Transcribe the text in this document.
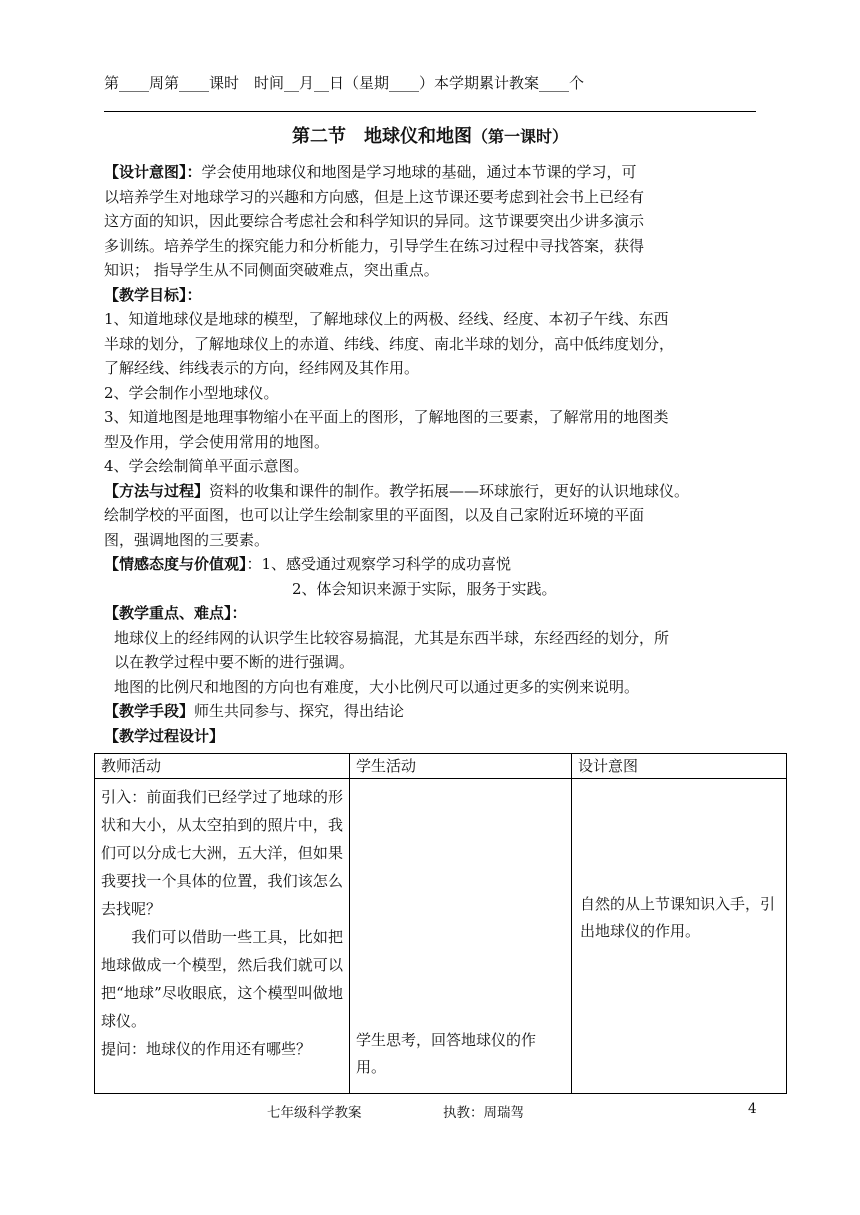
第____周第____课时　时间__月__日（星期____）本学期累计教案____个
第二节　地球仪和地图（第一课时）

【设计意图】：学会使用地球仪和地图是学习地球的基础，通过本节课的学习，可

以培养学生对地球学习的兴趣和方向感，但是上这节课还要考虑到社会书上已经有

这方面的知识，因此要综合考虑社会和科学知识的异同。这节课要突出少讲多演示

多训练。培养学生的探究能力和分析能力，引导学生在练习过程中寻找答案，获得

知识； 指导学生从不同侧面突破难点，突出重点。

【教学目标】：

1、知道地球仪是地球的模型，了解地球仪上的两极、经线、经度、本初子午线、东西

半球的划分，了解地球仪上的赤道、纬线、纬度、南北半球的划分，高中低纬度划分，

了解经线、纬线表示的方向，经纬网及其作用。

2、学会制作小型地球仪。

3、知道地图是地理事物缩小在平面上的图形，了解地图的三要素，了解常用的地图类

型及作用，学会使用常用的地图。

4、学会绘制简单平面示意图。

【方法与过程】资料的收集和课件的制作。教学拓展——环球旅行，更好的认识地球仪。

绘制学校的平面图，也可以让学生绘制家里的平面图，以及自己家附近环境的平面

图，强调地图的三要素。

【情感态度与价值观】：1、感受通过观察学习科学的成功喜悦

2、体会知识来源于实际，服务于实践。

【教学重点、难点】：

地球仪上的经纬网的认识学生比较容易搞混，尤其是东西半球，东经西经的划分，所

以在教学过程中要不断的进行强调。

地图的比例尺和地图的方向也有难度，大小比例尺可以通过更多的实例来说明。

【教学手段】师生共同参与、探究，得出结论

【教学过程设计】

教师活动	学生活动	设计意图

引入：前面我们已经学过了地球的形状和大小，从太空拍到的照片中，我们可以分成七大洲，五大洋，但如果我要找一个具体的位置，我们该怎么去找呢？

　　我们可以借助一些工具，比如把地球做成一个模型，然后我们就可以把“地球”尽收眼底，这个模型叫做地球仪。

提问：地球仪的作用还有哪些？	学生思考，回答地球仪的作用。	自然的从上节课知识入手，引出地球仪的作用。
七年级科学教案	执教：周瑞驾	4
